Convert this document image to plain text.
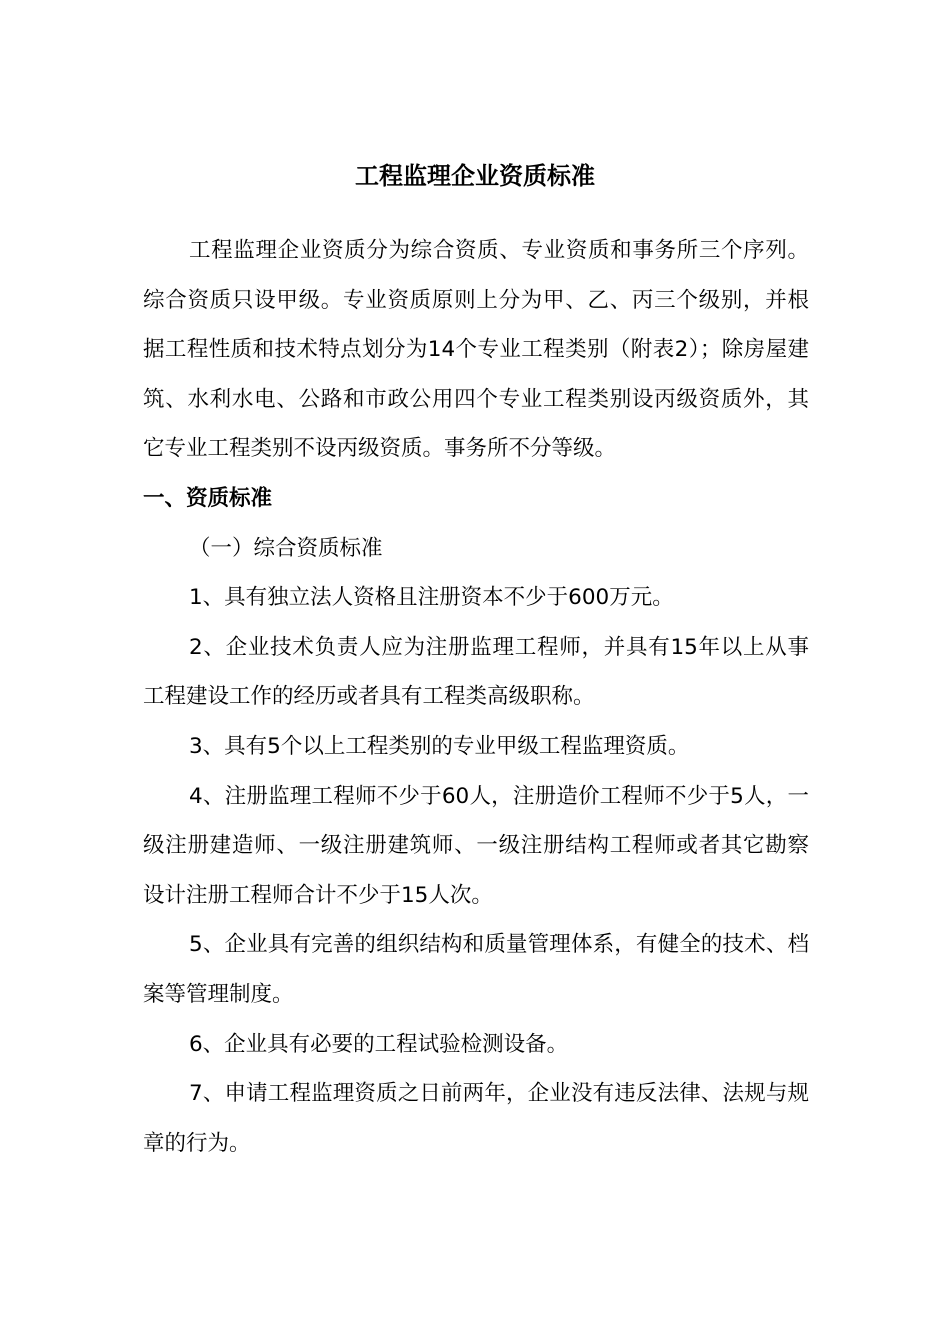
工程监理企业资质标准

工程监理企业资质分为综合资质、专业资质和事务所三个序列。综合资质只设甲级。专业资质原则上分为甲、乙、丙三个级别，并根据工程性质和技术特点划分为14个专业工程类别（附表2）；除房屋建筑、水利水电、公路和市政公用四个专业工程类别设丙级资质外，其它专业工程类别不设丙级资质。事务所不分等级。

一、资质标准

（一）综合资质标准

1、具有独立法人资格且注册资本不少于600万元。

2、企业技术负责人应为注册监理工程师，并具有15年以上从事工程建设工作的经历或者具有工程类高级职称。

3、具有5个以上工程类别的专业甲级工程监理资质。

4、注册监理工程师不少于60人，注册造价工程师不少于5人，一级注册建造师、一级注册建筑师、一级注册结构工程师或者其它勘察设计注册工程师合计不少于15人次。

5、企业具有完善的组织结构和质量管理体系，有健全的技术、档案等管理制度。

6、企业具有必要的工程试验检测设备。

7、申请工程监理资质之日前两年，企业没有违反法律、法规与规章的行为。
